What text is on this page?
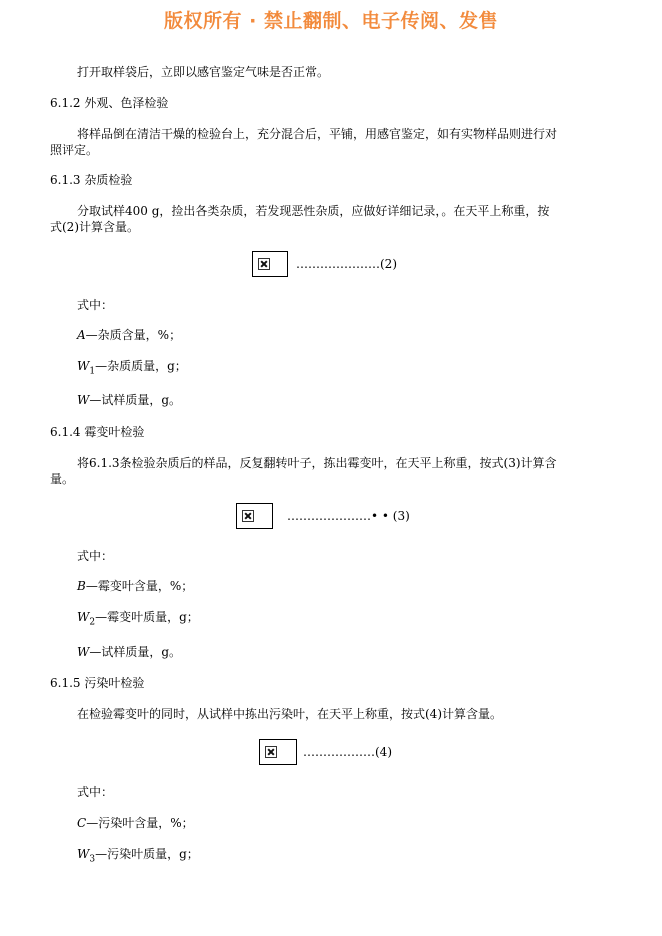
版权所有 · 禁止翻制、电子传阅、发售
打开取样袋后，立即以感官鉴定气味是否正常。
6.1.2 外观、色泽检验
将样品倒在清洁干燥的检验台上，充分混合后，平铺，用感官鉴定，如有实物样品则进行对
照评定。
6.1.3 杂质检验
分取试样400 g，捡出各类杂质，若发现恶性杂质，应做好详细记录，。在天平上称重，按
式(2)计算含量。
…………………(2)
式中：
A—杂质含量，%；
$W_1—$杂质质量，g；
W—试样质量，g。
6.1.4 霉变叶检验
将6.1.3条检验杂质后的样品，反复翻转叶子，拣出霉变叶，在天平上称重，按式(3)计算含
量。
…………………• • (3)
式中：
B—霉变叶含量，%；
$W_2—$霉变叶质量，g；
W—试样质量，g。
6.1.5 污染叶检验
在检验霉变叶的同时，从试样中拣出污染叶，在天平上称重，按式(4)计算含量。
………………(4)
式中：
C—污染叶含量，%；
$W_3—$污染叶质量，g；
